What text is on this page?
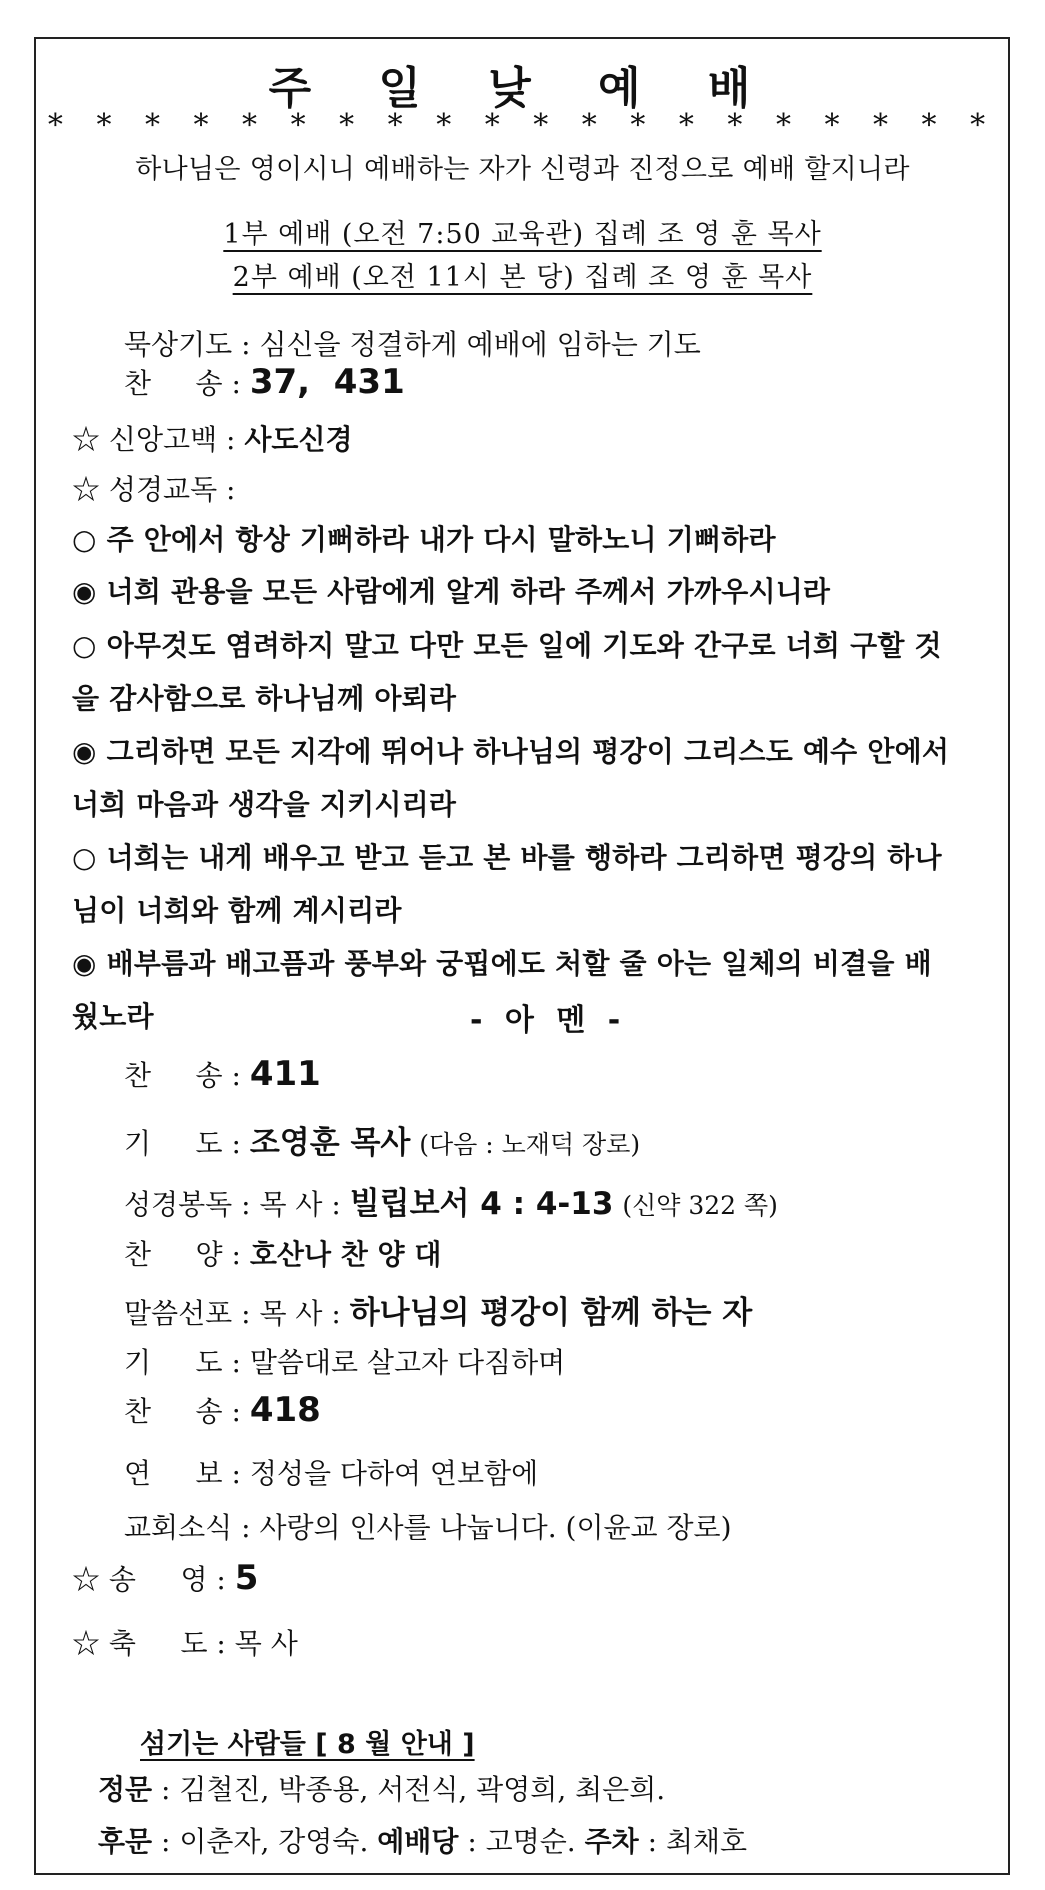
주 일 낮 예 배
* * * * * * * * * * * * * * * * * * * *
하나님은 영이시니 예배하는 자가 신령과 진정으로 예배 할지니라
1부 예배 (오전 7:50 교육관) 집례 조 영 훈 목사
2부 예배 (오전 11시 본 당) 집례 조 영 훈 목사
묵상기도 : 심신을 정결하게 예배에 임하는 기도
찬     송 : 37,  431
☆ 신앙고백 : 사도신경
☆ 성경교독 :
○ 주 안에서 항상 기뻐하라 내가 다시 말하노니 기뻐하라
◉ 너희 관용을 모든 사람에게 알게 하라 주께서 가까우시니라
○ 아무것도 염려하지 말고 다만 모든 일에 기도와 간구로 너희 구할 것
을 감사함으로 하나님께 아뢰라
◉ 그리하면 모든 지각에 뛰어나 하나님의 평강이 그리스도 예수 안에서
너희 마음과 생각을 지키시리라
○ 너희는 내게 배우고 받고 듣고 본 바를 행하라 그리하면 평강의 하나
님이 너희와 함께 계시리라
◉ 배부름과 배고픔과 풍부와 궁핍에도 처할 줄 아는 일체의 비결을 배
웠노라	- 아 멘 -
찬     송 : 411
기     도 : 조영훈 목사 (다음 : 노재덕 장로)
성경봉독 : 목 사 : 빌립보서 4 : 4-13 (신약 322 쪽)
찬     양 : 호산나 찬 양 대
말씀선포 : 목 사 : 하나님의 평강이 함께 하는 자
기     도 : 말씀대로 살고자 다짐하며
찬     송 : 418
연     보 : 정성을 다하여 연보함에
교회소식 : 사랑의 인사를 나눕니다. (이윤교 장로)
☆ 송     영 : 5
☆ 축     도 : 목 사
섬기는 사람들 [ 8 월 안내 ]
정문 : 김철진, 박종용, 서전식, 곽영희, 최은희.
후문 : 이춘자, 강영숙. 예배당 : 고명순. 주차 : 최채호
